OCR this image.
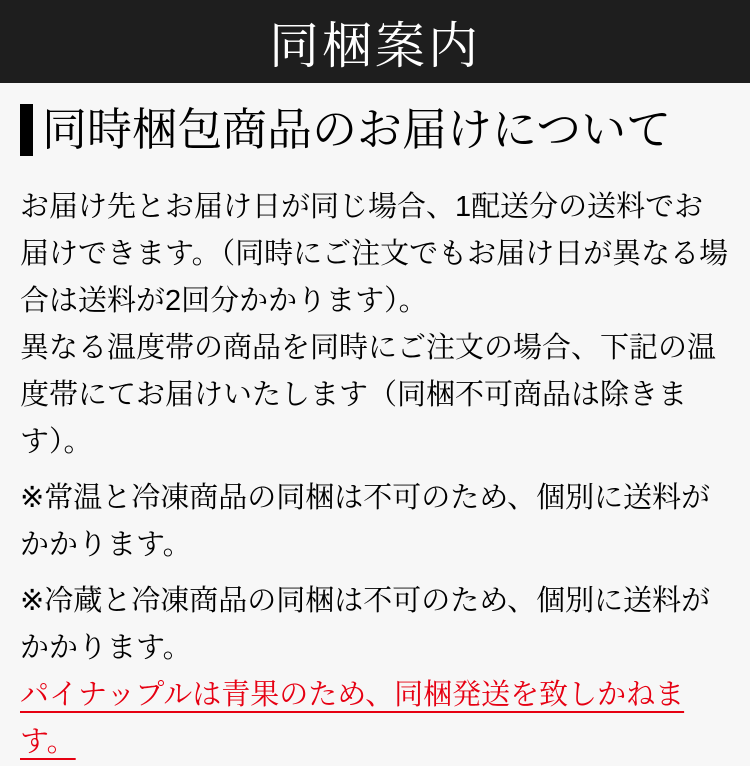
同梱案内
同時梱包商品のお届けについて

お届け先とお届け日が同じ場合、1配送分の送料でお届けできます。（同時にご注文でもお届け日が異なる場合は送料が2回分かかります）。

異なる温度帯の商品を同時にご注文の場合、下記の温度帯にてお届けいたします（同梱不可商品は除きます）。

※常温と冷凍商品の同梱は不可のため、個別に送料がかかります。

※冷蔵と冷凍商品の同梱は不可のため、個別に送料がかかります。

パイナップルは青果のため、同梱発送を致しかねます。
